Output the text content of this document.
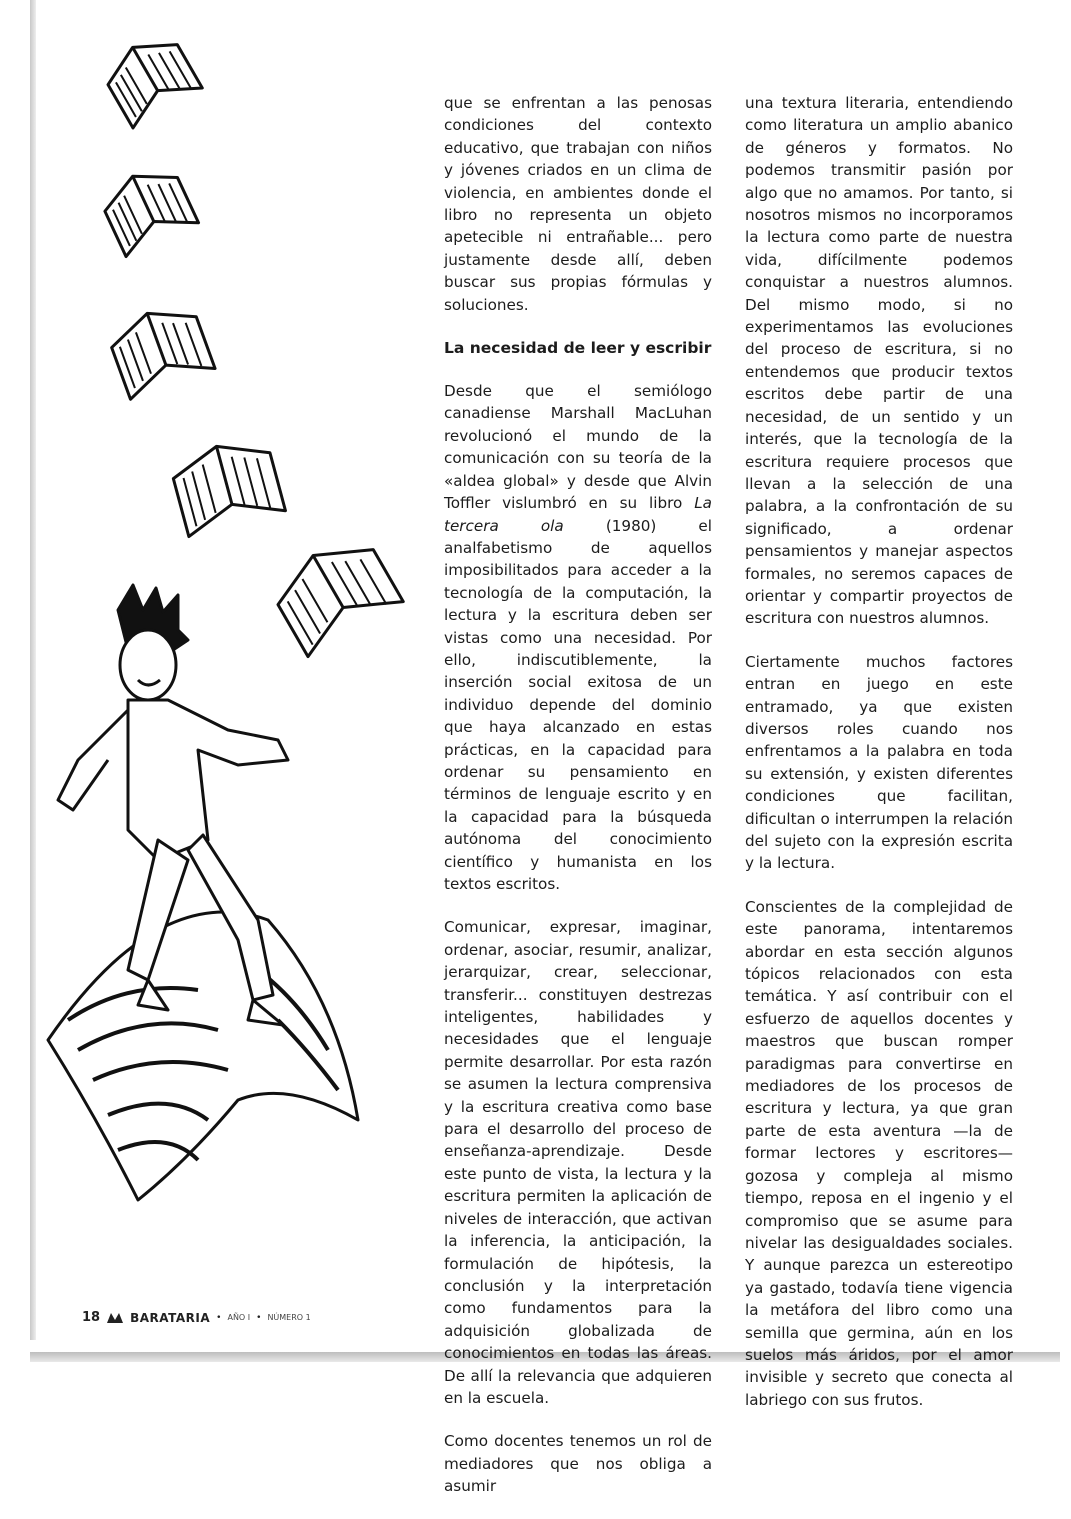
que se enfrentan a las penosas condiciones del contexto educativo, que trabajan con niños y jóvenes criados en un clima de violencia, en ambientes donde el libro no representa un objeto apetecible ni entrañable... pero justamente desde allí, deben buscar sus propias fórmulas y soluciones.

La necesidad de leer y escribir

Desde que el semiólogo canadiense Marshall MacLuhan revolucionó el mundo de la comunicación con su teoría de la «aldea global» y desde que Alvin Toffler vislumbró en su libro La tercera ola (1980) el analfabetismo de aquellos imposibilitados para acceder a la tecnología de la computación, la lectura y la escritura deben ser vistas como una necesidad. Por ello, indiscutiblemente, la inserción social exitosa de un individuo depende del dominio que haya alcanzado en estas prácticas, en la capacidad para ordenar su pensamiento en términos de lenguaje escrito y en la capacidad para la búsqueda autónoma del conocimiento científico y humanista en los textos escritos.

Comunicar, expresar, imaginar, ordenar, asociar, resumir, analizar, jerarquizar, crear, seleccionar, transferir... constituyen destrezas inteligentes, habilidades y necesidades que el lenguaje permite desarrollar. Por esta razón se asumen la lectura comprensiva y la escritura creativa como base para el desarrollo del proceso de enseñanza-aprendizaje. Desde este punto de vista, la lectura y la escritura permiten la aplicación de niveles de interacción, que activan la inferencia, la anticipación, la formulación de hipótesis, la conclusión y la interpretación como fundamentos para la adquisición globalizada de conocimientos en todas las áreas. De allí la relevancia que adquieren en la escuela.

Como docentes tenemos un rol de mediadores que nos obliga a asumir

una textura literaria, entendiendo como literatura un amplio abanico de géneros y formatos. No podemos transmitir pasión por algo que no amamos. Por tanto, si nosotros mismos no incorporamos la lectura como parte de nuestra vida, difícilmente podemos conquistar a nuestros alumnos. Del mismo modo, si no experimentamos las evoluciones del proceso de escritura, si no entendemos que producir textos escritos debe partir de una necesidad, de un sentido y un interés, que la tecnología de la escritura requiere procesos que llevan a la selección de una palabra, a la confrontación de su significado, a ordenar pensamientos y manejar aspectos formales, no seremos capaces de orientar y compartir proyectos de escritura con nuestros alumnos.

Ciertamente muchos factores entran en juego en este entramado, ya que existen diversos roles cuando nos enfrentamos a la palabra en toda su extensión, y existen diferentes condiciones que facilitan, dificultan o interrumpen la relación del sujeto con la expresión escrita y la lectura.

Conscientes de la complejidad de este panorama, intentaremos abordar en esta sección algunos tópicos relacionados con esta temática. Y así contribuir con el esfuerzo de aquellos docentes y maestros que buscan romper paradigmas para convertirse en mediadores de los procesos de escritura y lectura, ya que gran parte de esta aventura —la de formar lectores y escritores— gozosa y compleja al mismo tiempo, reposa en el ingenio y el compromiso que se asume para nivelar las desigualdades sociales. Y aunque parezca un estereotipo ya gastado, todavía tiene vigencia la metáfora del libro como una semilla que germina, aún en los suelos más áridos, por el amor invisible y secreto que conecta al labriego con sus frutos.

18	BARATARIA • AÑO I • NÚMERO 1
